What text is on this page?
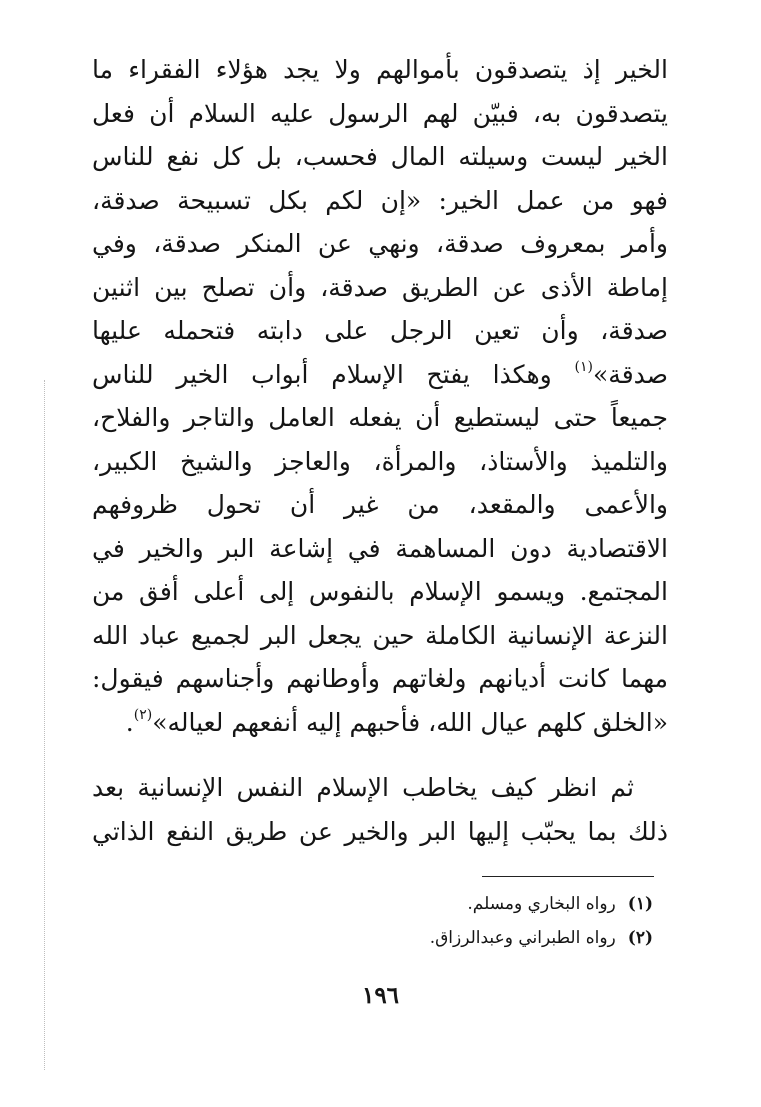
الخير إذ يتصدقون بأموالهم ولا يجد هؤلاء الفقراء ما
يتصدقون به، فبيّن لهم الرسول عليه السلام أن فعل
الخير ليست وسيلته المال فحسب، بل كل نفع للناس
فهو من عمل الخير: «إن لكم بكل تسبيحة صدقة،
وأمر بمعروف صدقة، ونهي عن المنكر صدقة، وفي
إماطة الأذى عن الطريق صدقة، وأن تصلح بين اثنين
صدقة، وأن تعين الرجل على دابته فتحمله عليها
صدقة»$^{(١)}$ وهكذا يفتح الإسلام أبواب الخير للناس
جميعاً حتى ليستطيع أن يفعله العامل والتاجر والفلاح،
والتلميذ والأستاذ، والمرأة، والعاجز والشيخ الكبير،
والأعمى والمقعد، من غير أن تحول ظروفهم
الاقتصادية دون المساهمة في إشاعة البر والخير في
المجتمع. ويسمو الإسلام بالنفوس إلى أعلى أفق من
النزعة الإنسانية الكاملة حين يجعل البر لجميع عباد الله
مهما كانت أديانهم ولغاتهم وأوطانهم وأجناسهم فيقول:
«الخلق كلهم عيال الله، فأحبهم إليه أنفعهم لعياله»$^{(٢)}$.
ثم انظر كيف يخاطب الإسلام النفس الإنسانية بعد
ذلك بما يحبّب إليها البر والخير عن طريق النفع الذاتي
(١)رواه البخاري ومسلم.
(٢)رواه الطبراني وعبدالرزاق.
١٩٦
